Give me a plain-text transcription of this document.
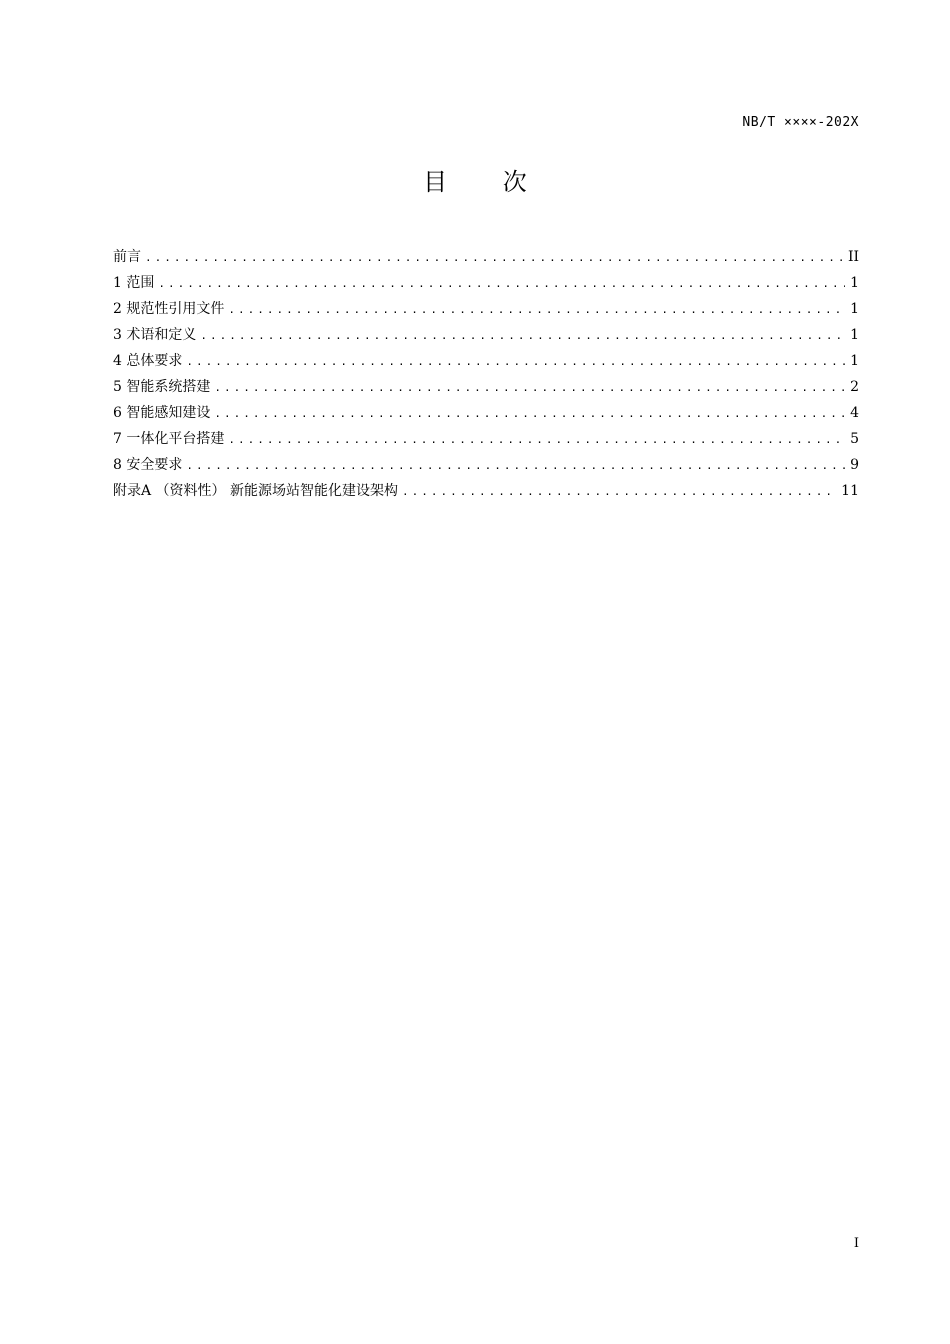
NB/T ××××-202X
目 次
前言 .....	II
1 范围 .....	1
2 规范性引用文件 .....	1
3 术语和定义 .....	1
4 总体要求 .....	1
5 智能系统搭建 .....	2
6 智能感知建设 .....	4
7 一体化平台搭建 .....	5
8 安全要求 .....	9
附录A （资料性） 新能源场站智能化建设架构 .....	11
I
